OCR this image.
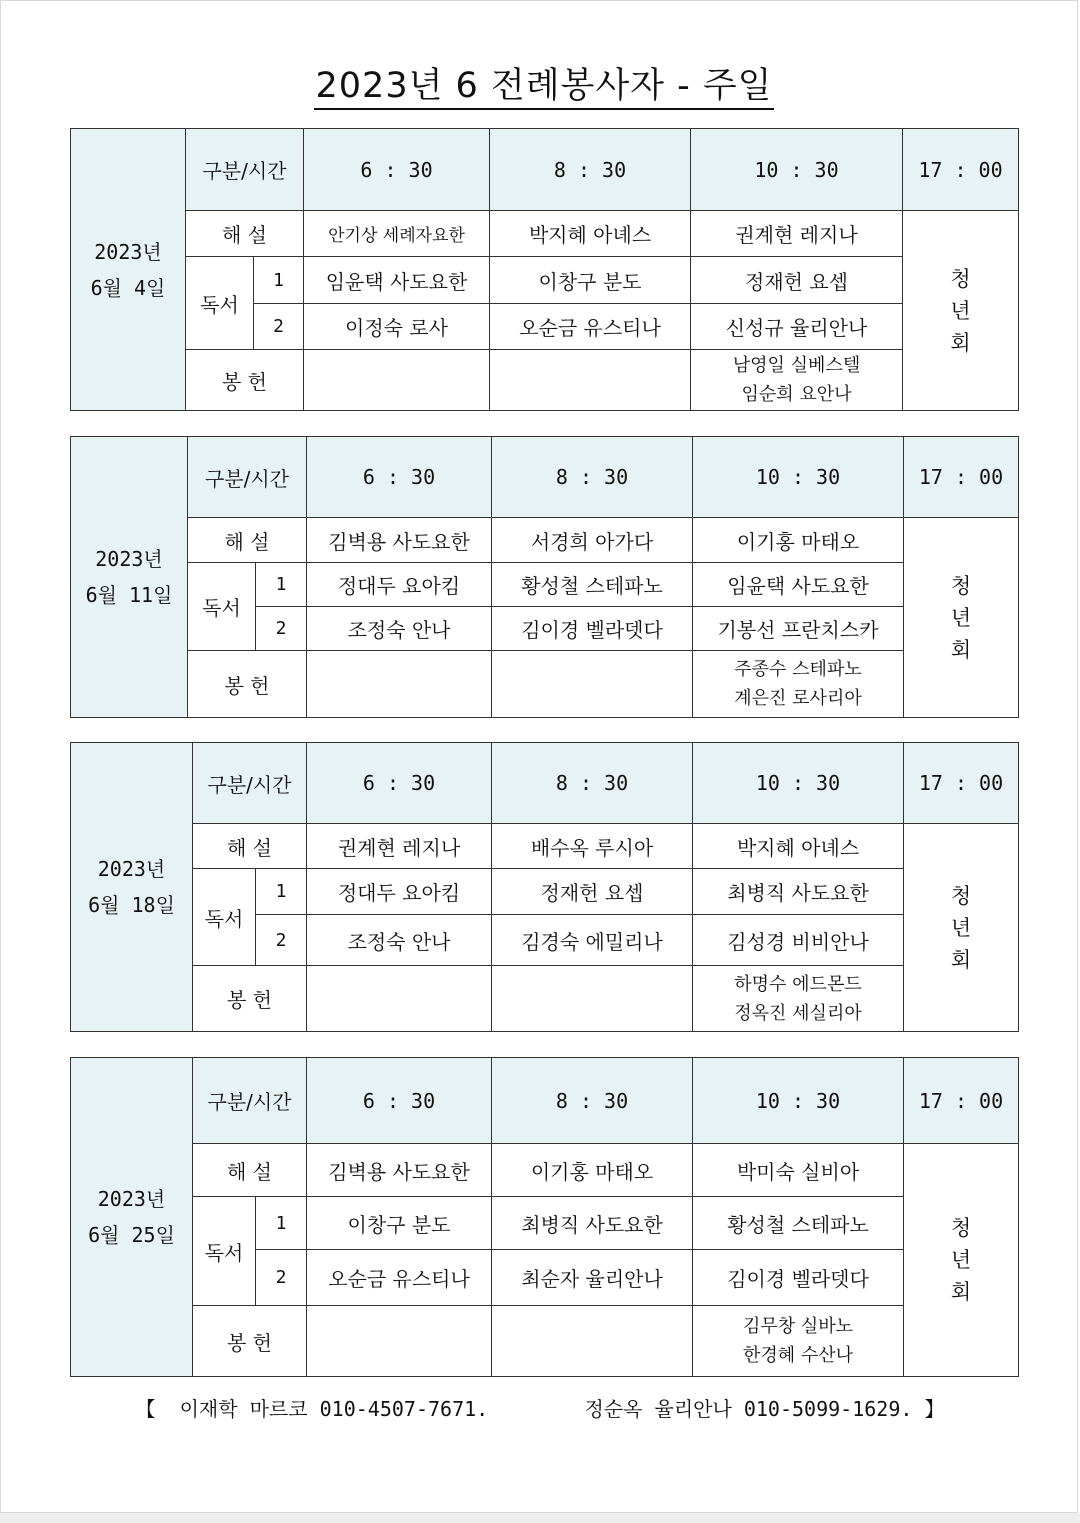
2023년 6 전례봉사자 - 주일
2023년
6월 4일	구분/시간		6 : 30	8 : 30	10 : 30	17 : 00
	해 설		안기상 세례자요한	박지혜 아녜스	권계현 레지나	청
년
회
	독서	1	임윤택 사도요한	이창구 분도	정재헌 요셉	
		2	이정숙 로사	오순금 유스티나	신성규 율리안나	
	봉 헌				남영일 실베스텔
임순희 요안나	
2023년
6월 11일	구분/시간		6 : 30	8 : 30	10 : 30	17 : 00
	해 설		김벽용 사도요한	서경희 아가다	이기홍 마태오	청
년
회
	독서	1	정대두 요아킴	황성철 스테파노	임윤택 사도요한	
		2	조정숙 안나	김이경 벨라뎃다	기봉선 프란치스카	
	봉 헌				주종수 스테파노
계은진 로사리아	
2023년
6월 18일	구분/시간		6 : 30	8 : 30	10 : 30	17 : 00
	해 설		권계현 레지나	배수옥 루시아	박지혜 아녜스	청
년
회
	독서	1	정대두 요아킴	정재헌 요셉	최병직 사도요한	
		2	조정숙 안나	김경숙 에밀리나	김성경 비비안나	
	봉 헌				하명수 에드몬드
정옥진 세실리아	
2023년
6월 25일	구분/시간		6 : 30	8 : 30	10 : 30	17 : 00
	해 설		김벽용 사도요한	이기홍 마태오	박미숙 실비아	청
년
회
	독서	1	이창구 분도	최병직 사도요한	황성철 스테파노	
		2	오순금 유스티나	최순자 율리안나	김이경 벨라뎃다	
	봉 헌				김무창 실바노
한경혜 수산나	
【  이재학 마르코 010-4507-7671.        정순옥 율리안나 010-5099-1629. 】
